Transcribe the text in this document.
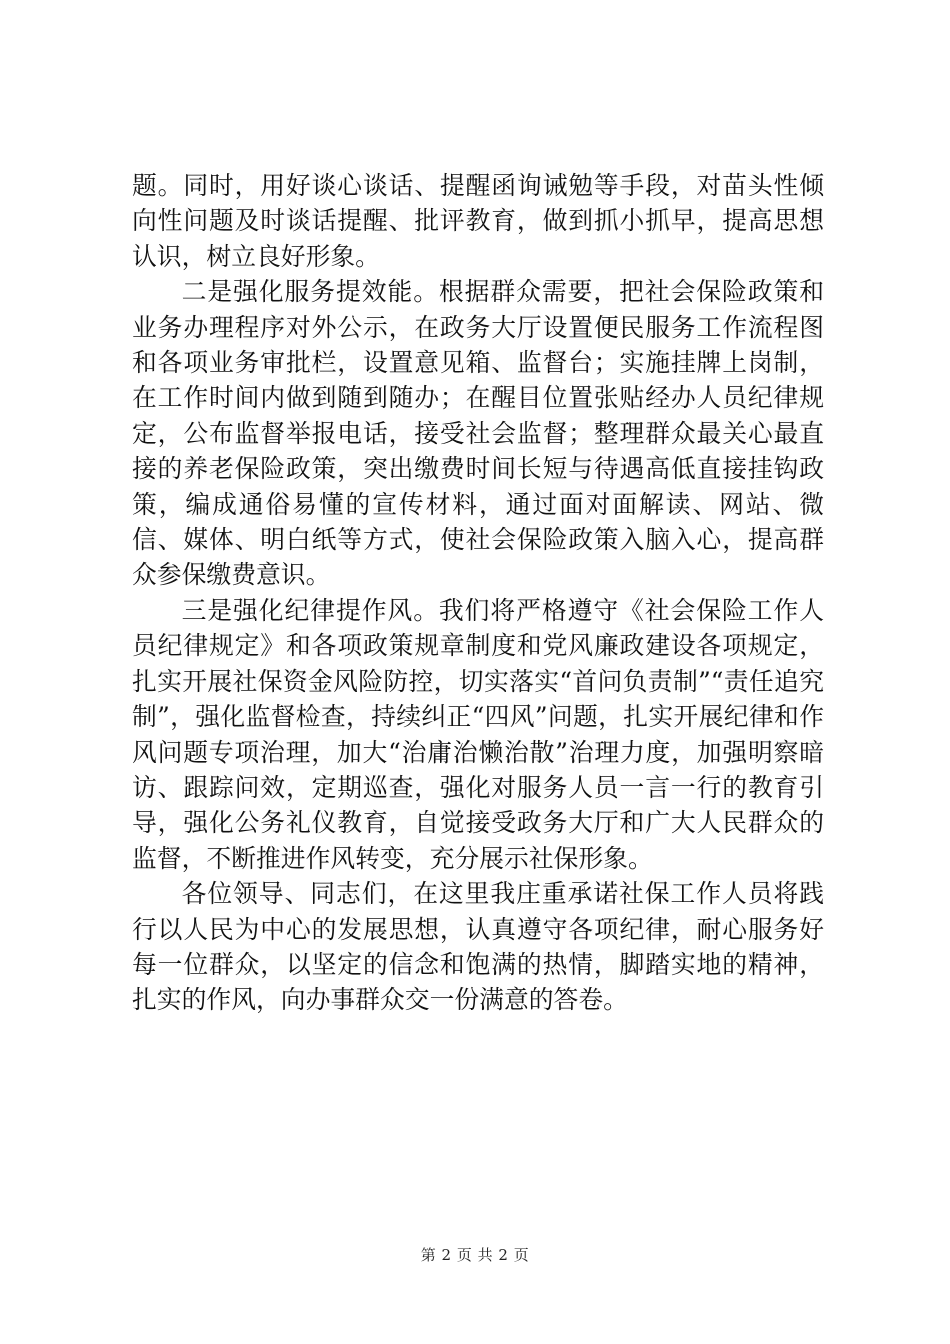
题。同时，用好谈心谈话、提醒函询诫勉等手段，对苗头性倾向性问题及时谈话提醒、批评教育，做到抓小抓早，提高思想认识，树立良好形象。

二是强化服务提效能。根据群众需要，把社会保险政策和业务办理程序对外公示，在政务大厅设置便民服务工作流程图和各项业务审批栏，设置意见箱、监督台；实施挂牌上岗制，在工作时间内做到随到随办；在醒目位置张贴经办人员纪律规定，公布监督举报电话，接受社会监督；整理群众最关心最直接的养老保险政策，突出缴费时间长短与待遇高低直接挂钩政策，编成通俗易懂的宣传材料，通过面对面解读、网站、微信、媒体、明白纸等方式，使社会保险政策入脑入心，提高群众参保缴费意识。

三是强化纪律提作风。我们将严格遵守《社会保险工作人员纪律规定》和各项政策规章制度和党风廉政建设各项规定，扎实开展社保资金风险防控，切实落实“首问负责制”“责任追究制”，强化监督检查，持续纠正“四风”问题，扎实开展纪律和作风问题专项治理，加大“治庸治懒治散”治理力度，加强明察暗访、跟踪问效，定期巡查，强化对服务人员一言一行的教育引导，强化公务礼仪教育，自觉接受政务大厅和广大人民群众的监督，不断推进作风转变，充分展示社保形象。

各位领导、同志们，在这里我庄重承诺社保工作人员将践行以人民为中心的发展思想，认真遵守各项纪律，耐心服务好每一位群众，以坚定的信念和饱满的热情，脚踏实地的精神，扎实的作风，向办事群众交一份满意的答卷。

第 2 页 共 2 页
